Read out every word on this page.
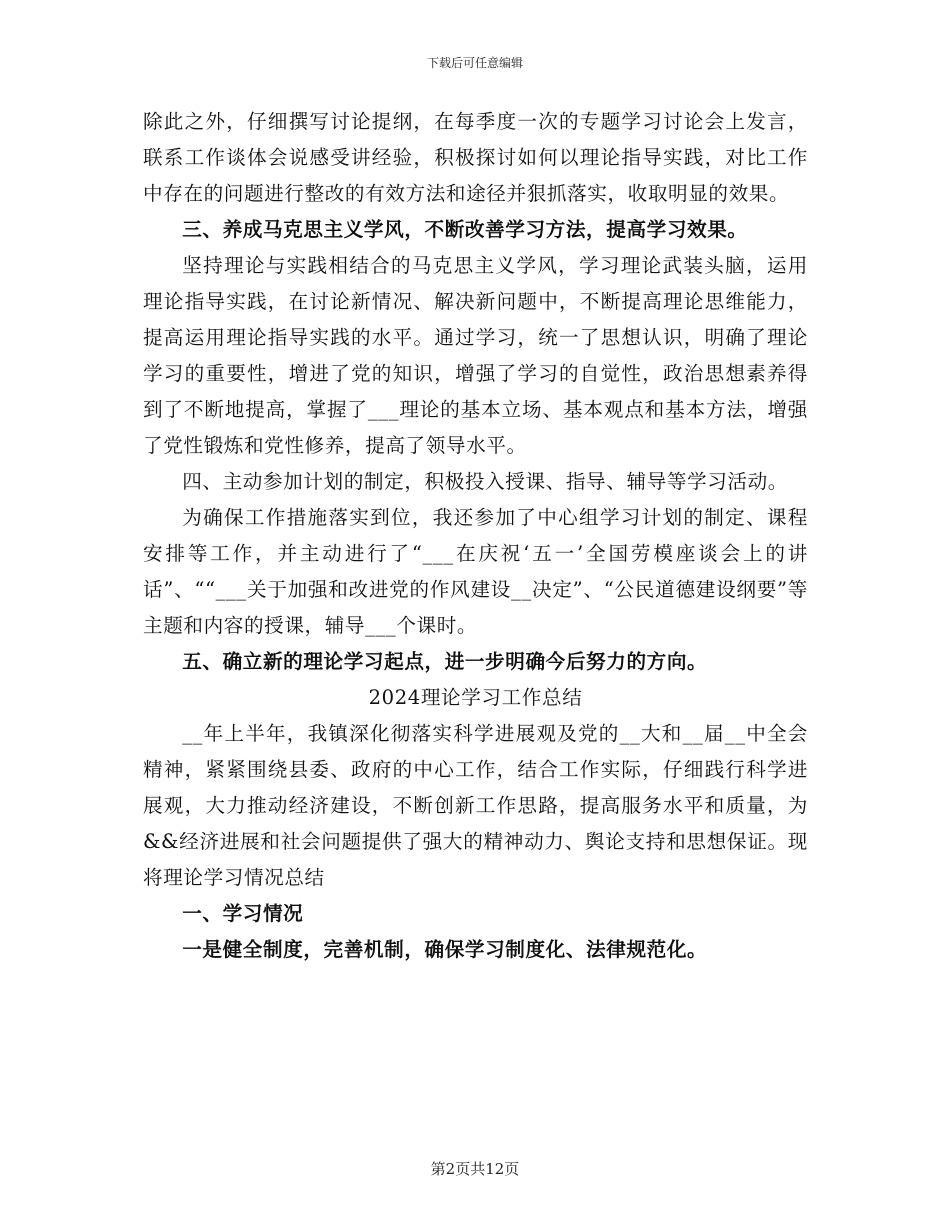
下载后可任意编辑

除此之外，仔细撰写讨论提纲，在每季度一次的专题学习讨论会上发言，联系工作谈体会说感受讲经验，积极探讨如何以理论指导实践，对比工作中存在的问题进行整改的有效方法和途径并狠抓落实，收取明显的效果。

三、养成马克思主义学风，不断改善学习方法，提高学习效果。

坚持理论与实践相结合的马克思主义学风，学习理论武装头脑，运用理论指导实践，在讨论新情况、解决新问题中，不断提高理论思维能力，提高运用理论指导实践的水平。通过学习，统一了思想认识，明确了理论学习的重要性，增进了党的知识，增强了学习的自觉性，政治思想素养得到了不断地提高，掌握了___理论的基本立场、基本观点和基本方法，增强了党性锻炼和党性修养，提高了领导水平。

四、主动参加计划的制定，积极投入授课、指导、辅导等学习活动。

为确保工作措施落实到位，我还参加了中心组学习计划的制定、课程安排等工作，并主动进行了“___在庆祝‘五一’全国劳模座谈会上的讲话”、““___关于加强和改进党的作风建设__决定”、“公民道德建设纲要”等主题和内容的授课，辅导___个课时。

五、确立新的理论学习起点，进一步明确今后努力的方向。

2024理论学习工作总结

__年上半年，我镇深化彻落实科学进展观及党的__大和__届__中全会精神，紧紧围绕县委、政府的中心工作，结合工作实际，仔细践行科学进展观，大力推动经济建设，不断创新工作思路，提高服务水平和质量，为&&经济进展和社会问题提供了强大的精神动力、舆论支持和思想保证。现将理论学习情况总结

一、学习情况

一是健全制度，完善机制，确保学习制度化、法律规范化。

第2页共12页
